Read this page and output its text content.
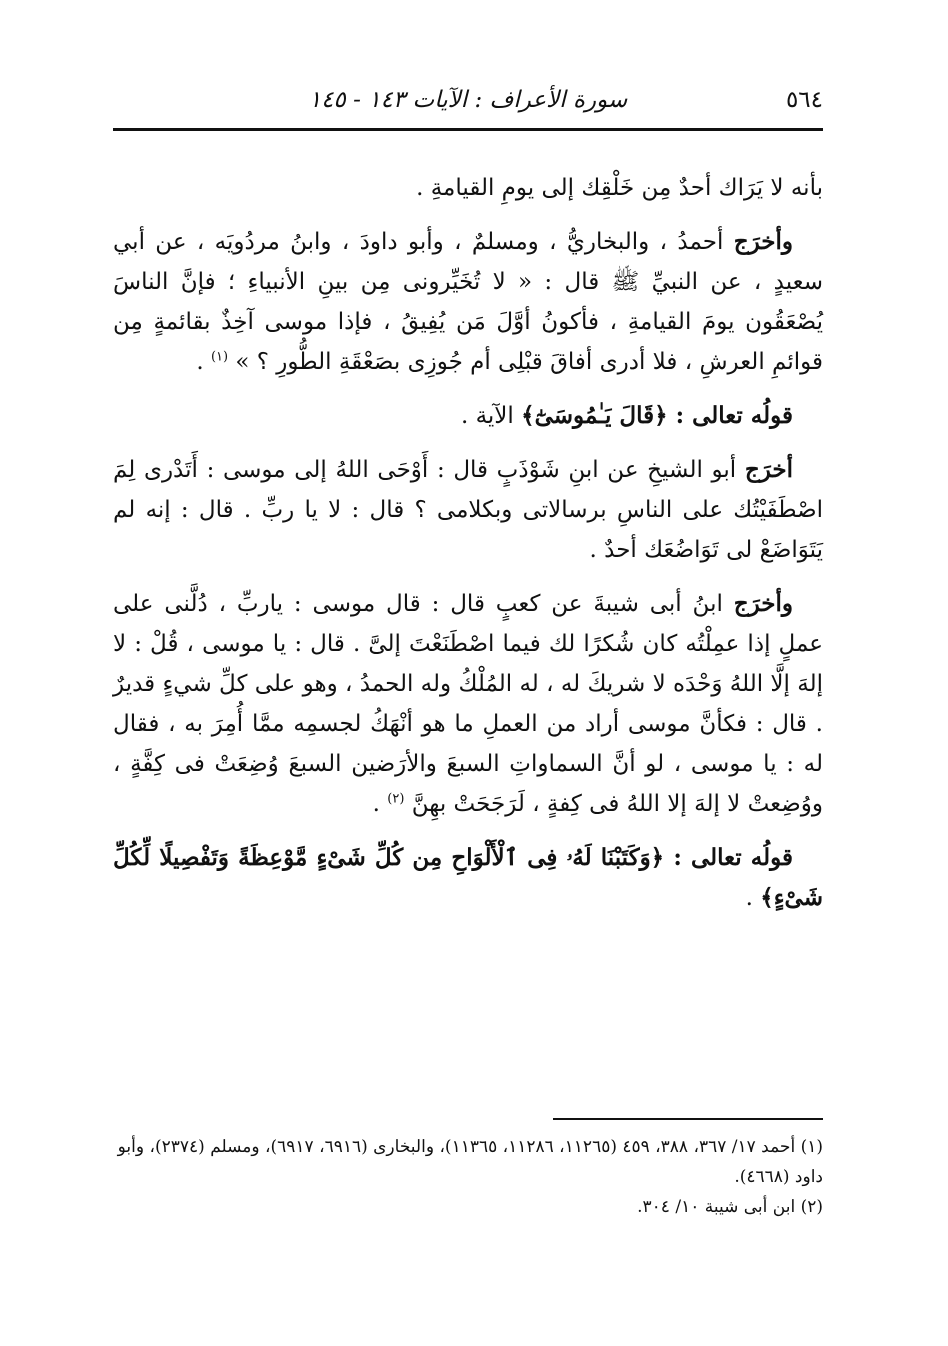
٥٦٤
سورة الأعراف : الآيات ١٤٣ - ١٤٥

بأنه لا يَرَاك أحدٌ مِن خَلْقِك إلى يومِ القيامةِ .

وأخرَج أحمدُ ، والبخاريُّ ، ومسلمٌ ، وأبو داودَ ، وابنُ مردُويَه ، عن أبي سعيدٍ ، عن النبيِّ ﷺ قال : « لا تُخَيِّرونى مِن بينِ الأنبياءِ ؛ فإنَّ الناسَ يُصْعَقُون يومَ القيامةِ ، فأكونُ أوَّلَ مَن يُفِيقُ ، فإذا موسى آخِذٌ بقائمةٍ مِن قوائمِ العرشِ ، فلا أدرى أفاقَ قبْلِى أم جُوزِى بصَعْقَةِ الطُّورِ ؟ » $^{(١)}$ .

قولُه تعالى : ﴿قَالَ يَـٰمُوسَىٰٓ﴾ الآية .

أخرَج أبو الشيخِ عن ابنِ شَوْذَبٍ قال : أَوْحَى اللهُ إلى موسى : أَتَدْرى لِمَ اصْطَفَيْتُك على الناسِ برسالاتى وبكلامى ؟ قال : لا يا ربِّ . قال : إنه لم يَتَوَاضَعْ لى تَوَاضُعَك أحدٌ .

وأخرَج ابنُ أبى شيبةَ عن كعبٍ قال : قال موسى : ياربِّ ، دُلَّنى على عملٍ إذا عمِلْتُه كان شُكرًا لك فيما اصْطَنَعْتَ إلىَّ . قال : يا موسى ، قُلْ : لا إلهَ إلَّا اللهُ وَحْدَه لا شريكَ له ، له المُلْكُ وله الحمدُ ، وهو على كلِّ شيءٍ قديرٌ . قال : فكأنَّ موسى أراد من العملِ ما هو أنْهَكُ لجسمِه ممَّا أُمِرَ به ، فقال له : يا موسى ، لو أنَّ السماواتِ السبعَ والأرَضين السبعَ وُضِعَتْ فى كِفَّةٍ ، ووُضِعتْ لا إلهَ إلا اللهُ فى كِفةٍ ، لَرَجَحَتْ بهِنَّ $^{(٢)}$ .

قولُه تعالى : ﴿وَكَتَبْنَا لَهُۥ فِى ٱلْأَلْوَاحِ مِن كُلِّ شَىْءٍ مَّوْعِظَةً وَتَفْصِيلًا لِّكُلِّ شَىْءٍ﴾ .

(١) أحمد ١٧/ ٣٦٧، ٣٨٨، ٤٥٩ (١١٢٦٥، ١١٢٨٦، ١١٣٦٥)، والبخارى (٦٩١٦، ٦٩١٧)، ومسلم (٢٣٧٤)، وأبو داود (٤٦٦٨).

(٢) ابن أبى شيبة ١٠/ ٣٠٤.
